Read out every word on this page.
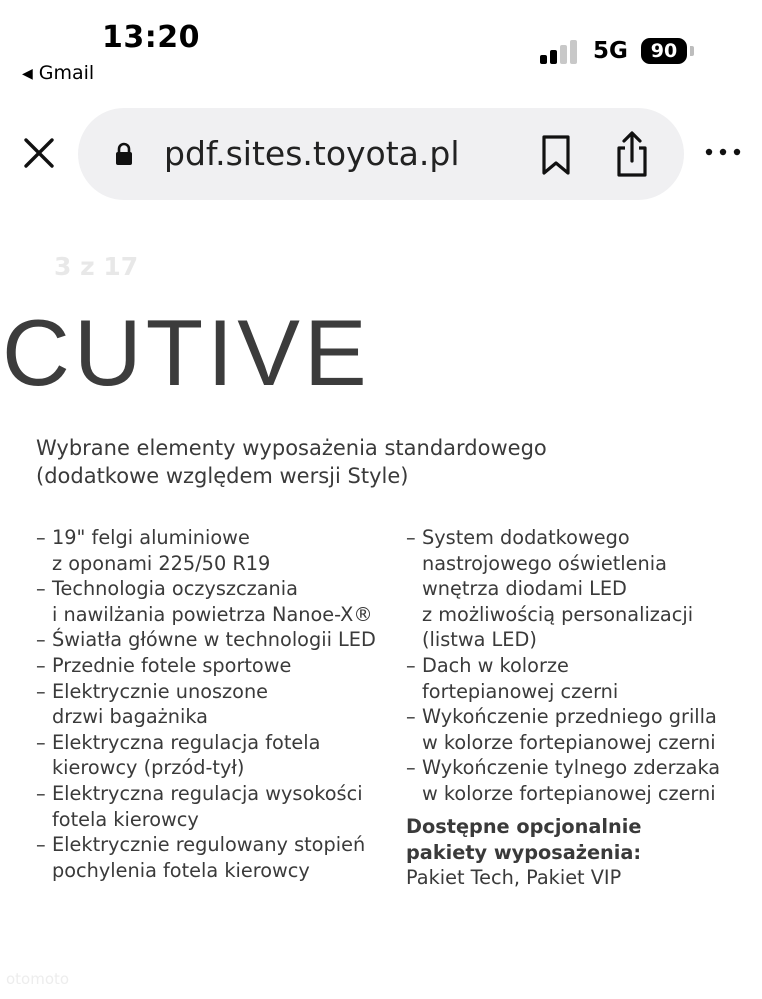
13:20
◀ Gmail
5G	90
pdf.sites.toyota.pl
3 z 17
CUTIVE
Wybrane elementy wyposażenia standardowego
(dodatkowe względem wersji Style)
– 19" felgi aluminiowe
z oponami 225/50 R19
– Technologia oczyszczania
i nawilżania powietrza Nanoe-X®
– Światła główne w technologii LED
– Przednie fotele sportowe
– Elektrycznie unoszone
drzwi bagażnika
– Elektryczna regulacja fotela
kierowcy (przód-tył)
– Elektryczna regulacja wysokości
fotela kierowcy
– Elektrycznie regulowany stopień
pochylenia fotela kierowcy
– System dodatkowego
nastrojowego oświetlenia
wnętrza diodami LED
z możliwością personalizacji
(listwa LED)
– Dach w kolorze
fortepianowej czerni
– Wykończenie przedniego grilla
w kolorze fortepianowej czerni
– Wykończenie tylnego zderzaka
w kolorze fortepianowej czerni
Dostępne opcjonalnie
pakiety wyposażenia:
Pakiet Tech, Pakiet VIP
otomoto
